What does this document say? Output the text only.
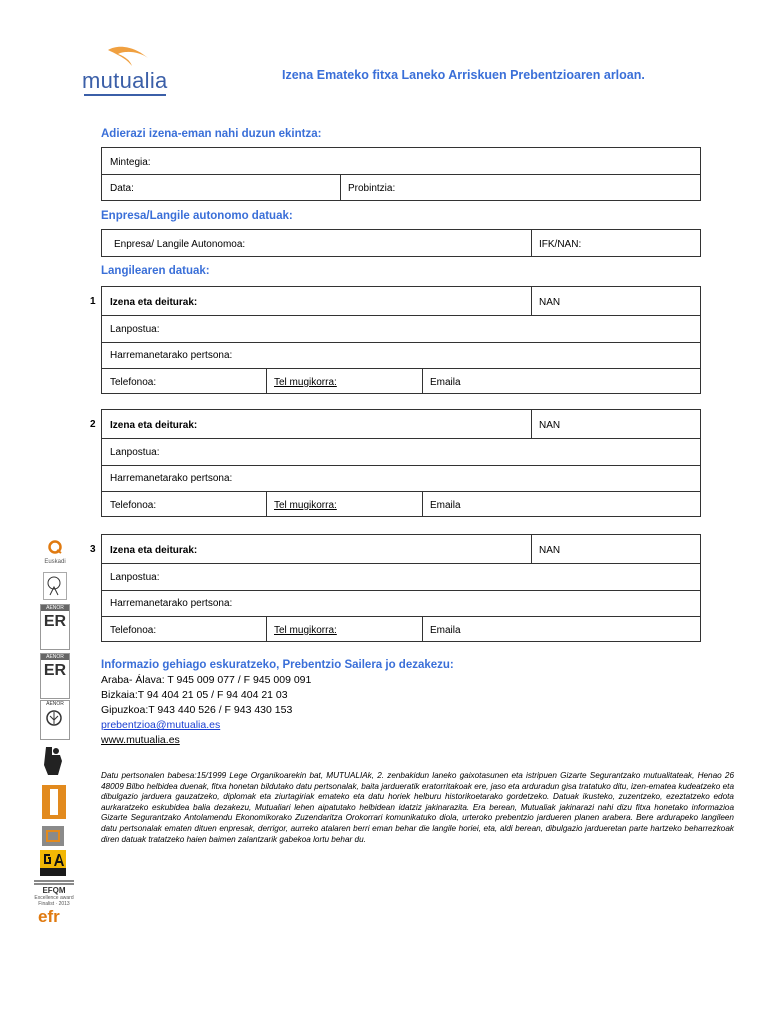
mutualia	Izena Emateko fitxa Laneko Arriskuen Prebentzioaren arloan.
Adierazi izena-eman nahi duzun ekintza:
Mintegia:
Data:	Probintzia:
Enpresa/Langile autonomo datuak:
Enpresa/ Langile Autonomoa:	IFK/NAN:
Langilearen datuak:
1 Izena eta deiturak:	NAN
Lanpostua:
Harremanetarako pertsona:
Telefonoa:	Tel mugikorra:	Emaila
2 Izena eta deiturak:	NAN
Lanpostua:
Harremanetarako pertsona:
Telefonoa:	Tel mugikorra:	Emaila
3 Izena eta deiturak:	NAN
Lanpostua:
Harremanetarako pertsona:
Telefonoa:	Tel mugikorra:	Emaila
Informazio gehiago eskuratzeko, Prebentzio Sailera jo dezakezu:
Araba- Álava: T 945 009 077 / F 945 009 091
Bizkaia:T 94 404 21 05 / F 94 404 21 03
Gipuzkoa:T 943 440 526 / F 943 430 153
prebentzioa@mutualia.es
www.mutualia.es
Datu pertsonalen babesa:15/1999 Lege Organikoarekin bat, MUTUALIAk, 2. zenbakidun laneko gaixotasunen eta istripuen Gizarte Segurantzako mutualitateak, Henao 26 48009 Bilbo helbidea duenak, fitxa honetan bildutako datu pertsonalak, baita jardueratik eratorritakoak ere, jaso eta arduradun gisa tratatuko ditu, izen-ematea kudeatzeko eta dibulgazio jarduera gauzatzeko, diplomak eta ziurtagiriak emateko eta datu horiek helburu historikoetarako gordetzeko. Datuak ikusteko, zuzentzeko, ezeztatzeko edota aurkaratzeko eskubidea balia dezakezu, Mutualiari lehen aipatutako helbidean idatziz jakinarazita. Era berean, Mutualiak jakinarazi nahi dizu fitxa honetako informazioa Gizarte Segurantzako Antolamendu Ekonomikorako Zuzendaritza Orokorrari komunikatuko diola, urteroko prebentzio jardueren planen arabera. Bere ardurapeko langileen datu pertsonalak ematen dituen enpresak, derrigor, aurreko atalaren berri eman behar die langile horiei, eta, aldi berean, dibulgazio jardueretan parte hartzeko beharrezkoak diren datuak tratatzeko haien baimen zalantzarik gabekoa lortu behar du.
Euskadi
AENOR
ER
AENOR
ER
AENOR
EFQM
Excellence award
Finalist · 2013
efr
